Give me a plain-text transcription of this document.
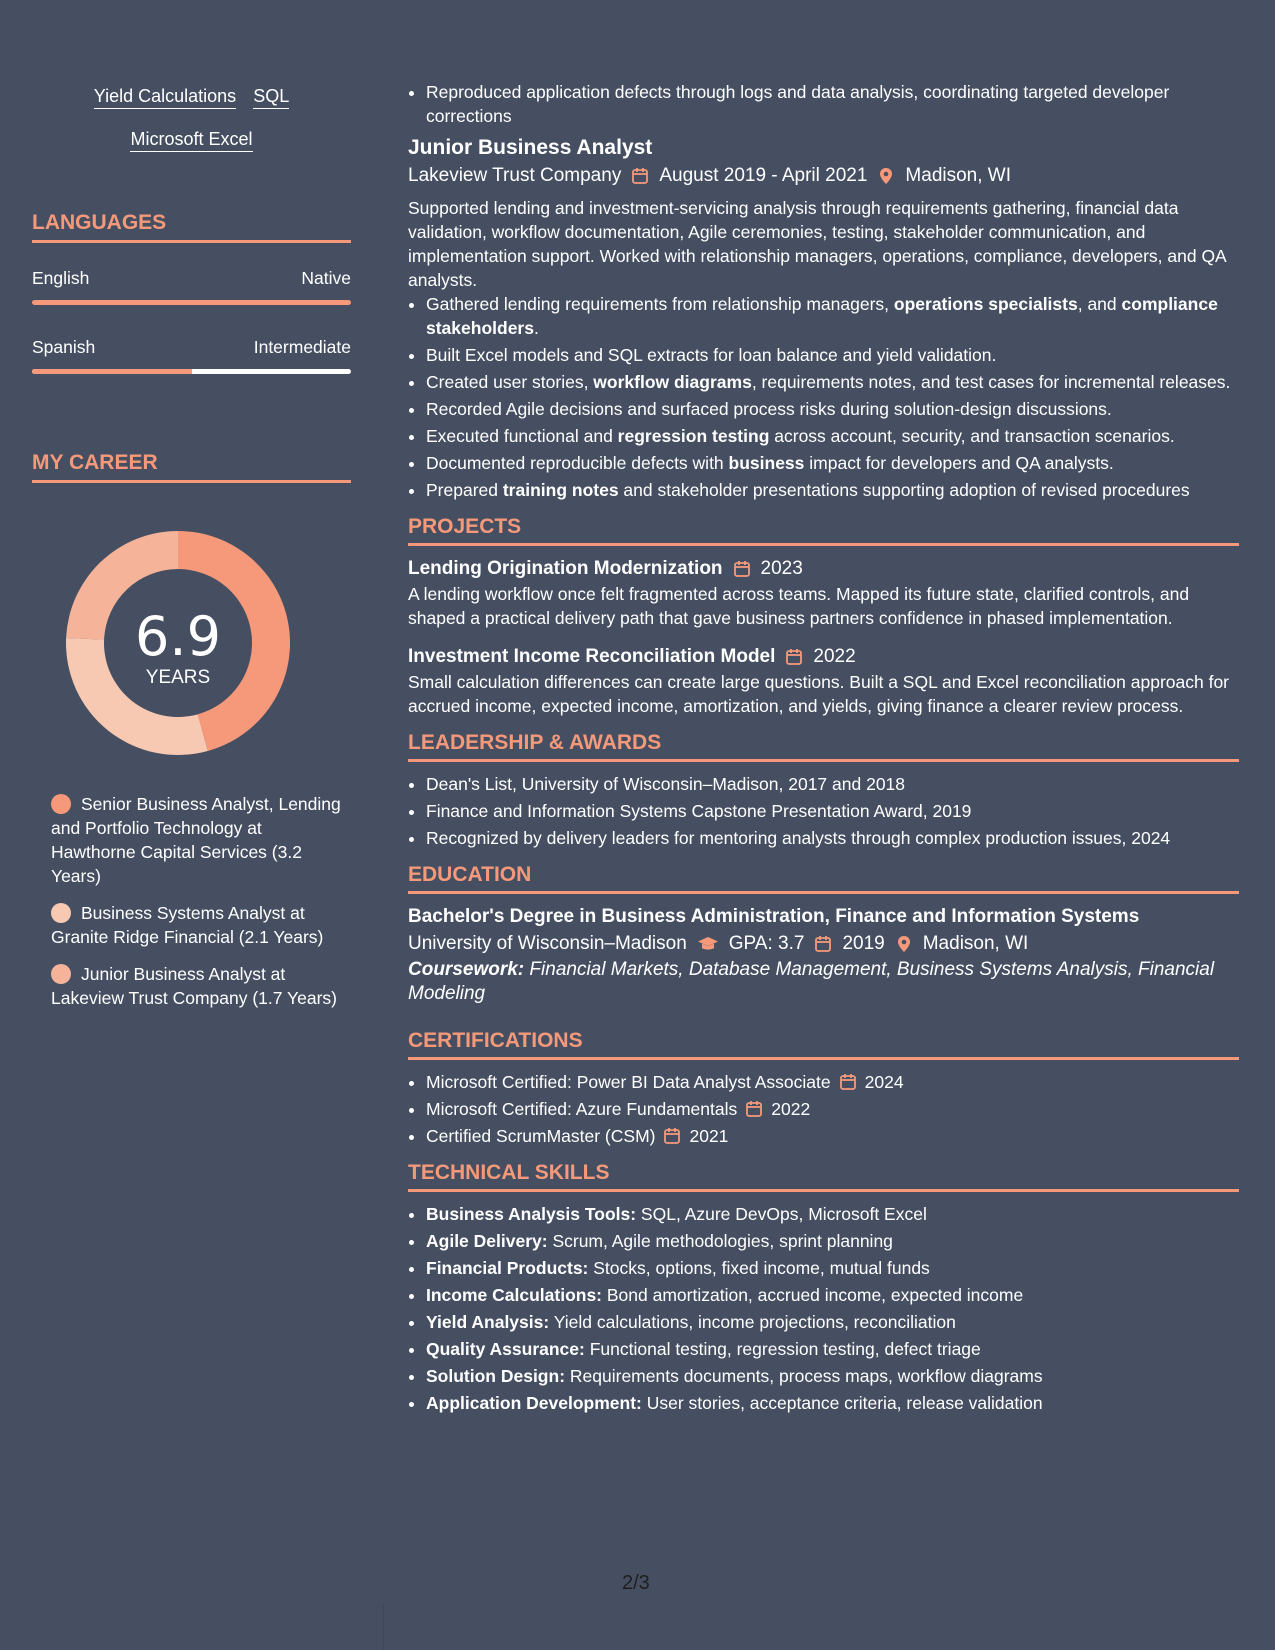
Yield Calculations SQL
Microsoft Excel
LANGUAGES
English	Native
Spanish	Intermediate
MY CAREER
6.9
YEARS
Senior Business Analyst, Lending and Portfolio Technology at Hawthorne Capital Services (3.2 Years)
Business Systems Analyst at Granite Ridge Financial (2.1 Years)
Junior Business Analyst at Lakeview Trust Company (1.7 Years)
• Reproduced application defects through logs and data analysis, coordinating targeted developer corrections
Junior Business Analyst
Lakeview Trust Company August 2019 - April 2021 Madison, WI
Supported lending and investment-servicing analysis through requirements gathering, financial data validation, workflow documentation, Agile ceremonies, testing, stakeholder communication, and implementation support. Worked with relationship managers, operations, compliance, developers, and QA analysts.
• Gathered lending requirements from relationship managers, operations specialists, and compliance stakeholders.
• Built Excel models and SQL extracts for loan balance and yield validation.
• Created user stories, workflow diagrams, requirements notes, and test cases for incremental releases.
• Recorded Agile decisions and surfaced process risks during solution-design discussions.
• Executed functional and regression testing across account, security, and transaction scenarios.
• Documented reproducible defects with business impact for developers and QA analysts.
• Prepared training notes and stakeholder presentations supporting adoption of revised procedures
PROJECTS
Lending Origination Modernization 2023
A lending workflow once felt fragmented across teams. Mapped its future state, clarified controls, and shaped a practical delivery path that gave business partners confidence in phased implementation.
Investment Income Reconciliation Model 2022
Small calculation differences can create large questions. Built a SQL and Excel reconciliation approach for accrued income, expected income, amortization, and yields, giving finance a clearer review process.
LEADERSHIP & AWARDS
• Dean's List, University of Wisconsin–Madison, 2017 and 2018
• Finance and Information Systems Capstone Presentation Award, 2019
• Recognized by delivery leaders for mentoring analysts through complex production issues, 2024
EDUCATION
Bachelor's Degree in Business Administration, Finance and Information Systems
University of Wisconsin–Madison GPA: 3.7 2019 Madison, WI
Coursework: Financial Markets, Database Management, Business Systems Analysis, Financial Modeling
CERTIFICATIONS
• Microsoft Certified: Power BI Data Analyst Associate 2024
• Microsoft Certified: Azure Fundamentals 2022
• Certified ScrumMaster (CSM) 2021
TECHNICAL SKILLS
• Business Analysis Tools: SQL, Azure DevOps, Microsoft Excel
• Agile Delivery: Scrum, Agile methodologies, sprint planning
• Financial Products: Stocks, options, fixed income, mutual funds
• Income Calculations: Bond amortization, accrued income, expected income
• Yield Analysis: Yield calculations, income projections, reconciliation
• Quality Assurance: Functional testing, regression testing, defect triage
• Solution Design: Requirements documents, process maps, workflow diagrams
• Application Development: User stories, acceptance criteria, release validation
2/3
